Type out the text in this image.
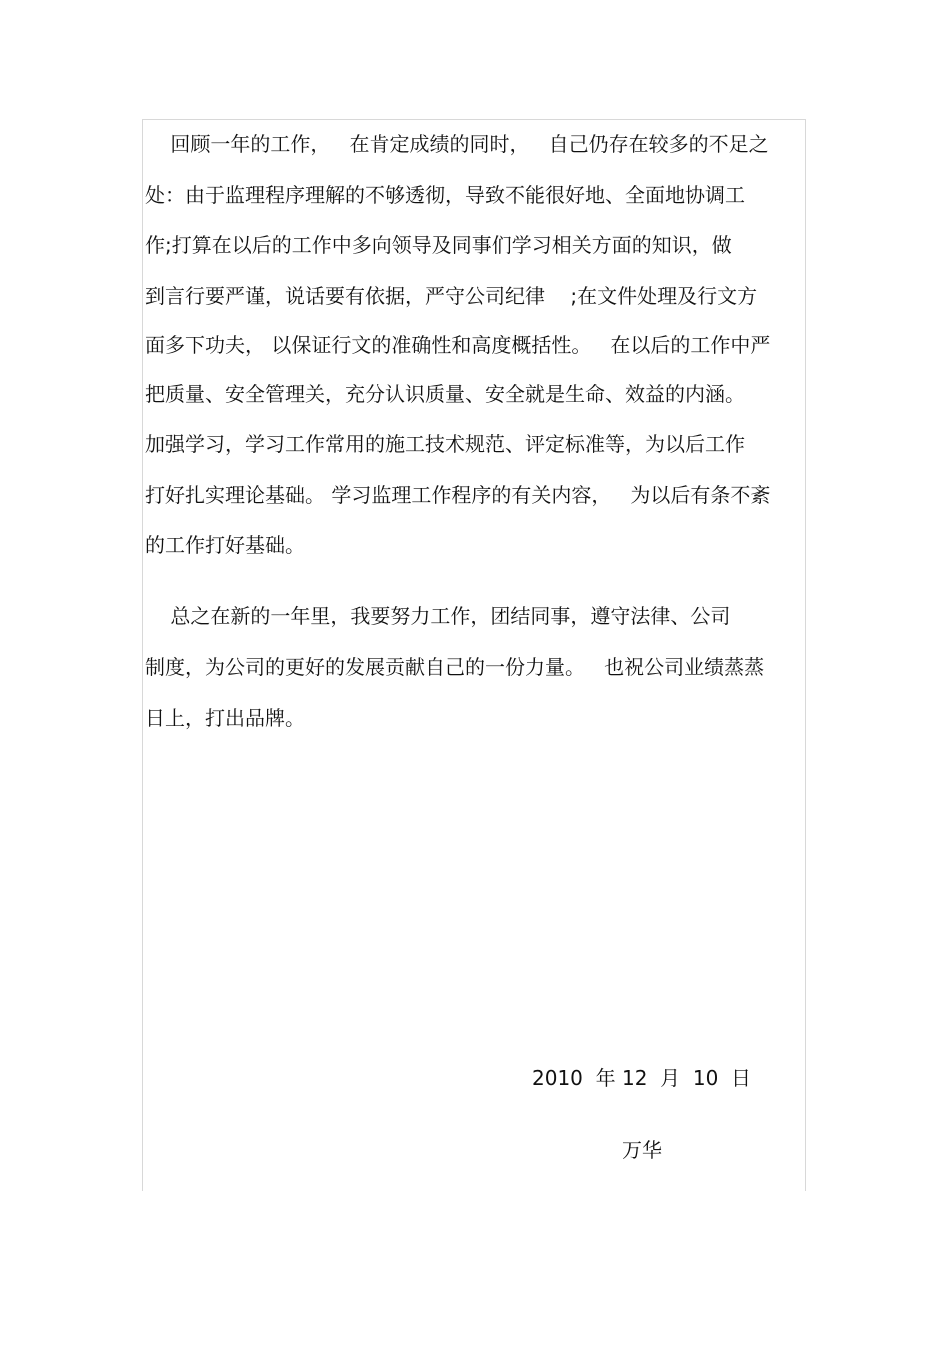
回顾一年的工作，   在肯定成绩的同时，   自己仍存在较多的不足之
处：由于监理程序理解的不够透彻，导致不能很好地、全面地协调工
作;打算在以后的工作中多向领导及同事们学习相关方面的知识，做
到言行要严谨，说话要有依据，严守公司纪律    ;在文件处理及行文方
面多下功夫， 以保证行文的准确性和高度概括性。   在以后的工作中严
把质量、安全管理关，充分认识质量、安全就是生命、效益的内涵。
加强学习，学习工作常用的施工技术规范、评定标准等，为以后工作
打好扎实理论基础。 学习监理工作程序的有关内容，   为以后有条不紊
的工作打好基础。
总之在新的一年里，我要努力工作，团结同事，遵守法律、公司
制度，为公司的更好的发展贡献自己的一份力量。   也祝公司业绩蒸蒸
日上，打出品牌。
2010  年 12  月  10  日
万华
